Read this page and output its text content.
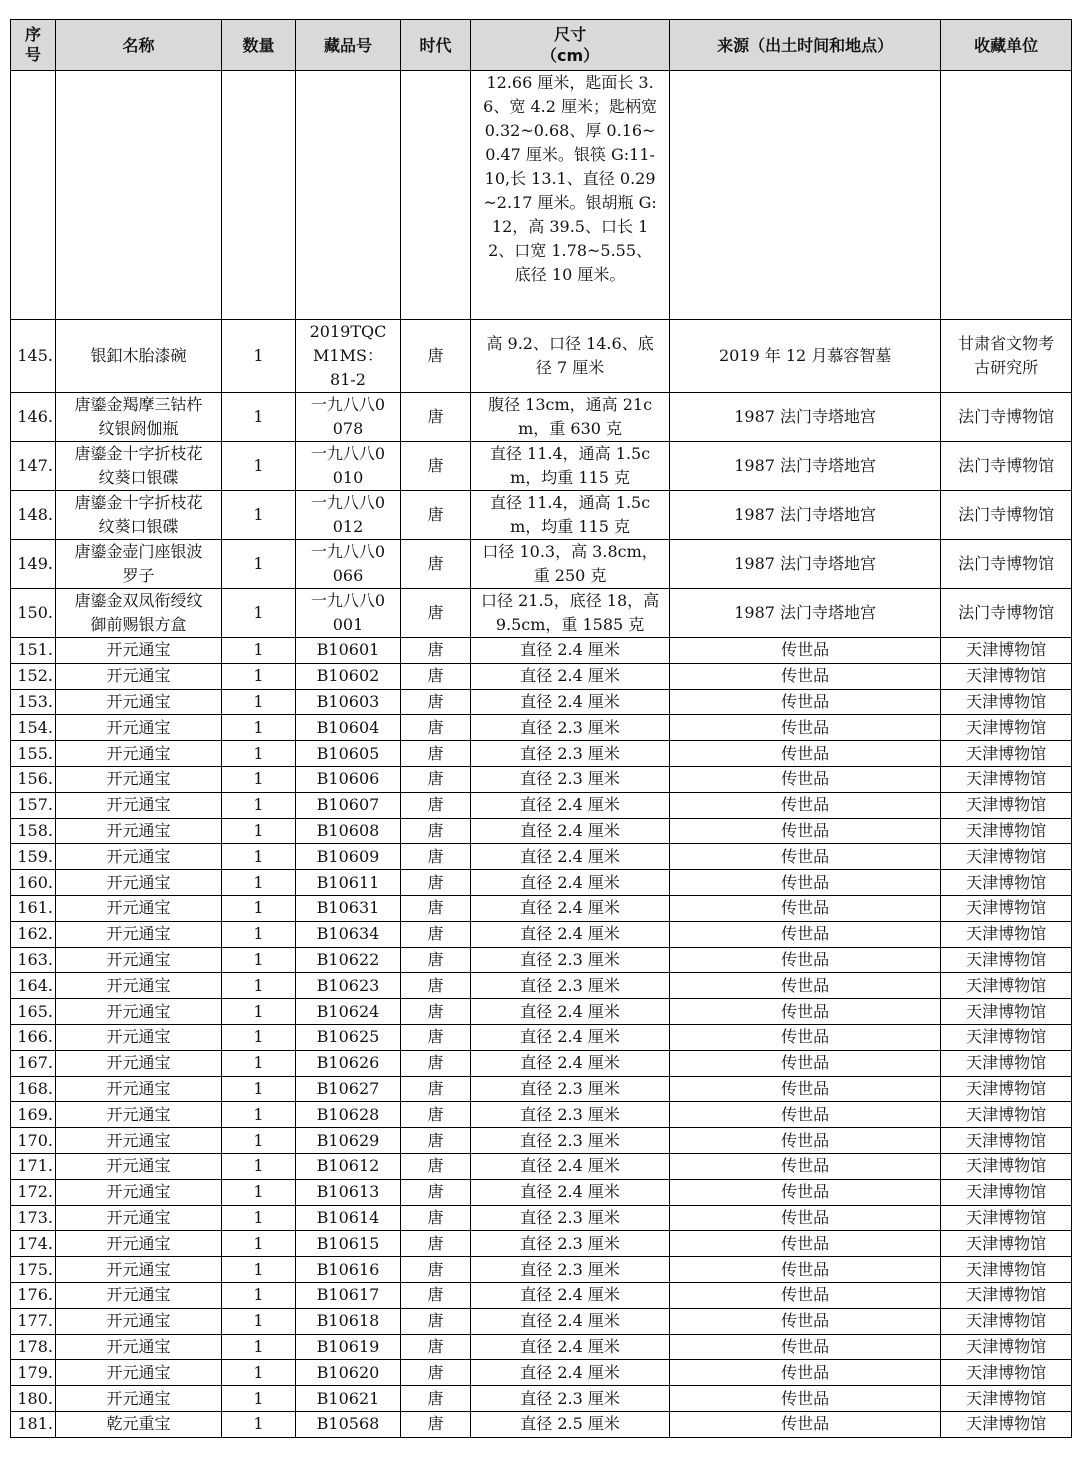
序号	名称	数量	藏品号	时代	尺寸（cm）	来源（出土时间和地点）	收藏单位
					12.66 厘米，匙面长 3.6、宽 4.2 厘米；匙柄宽 0.32~0.68、厚 0.16~0.47 厘米。银筷 G:11-10,长 13.1、直径 0.29~2.17 厘米。银胡瓶 G:12，高 39.5、口长 12、口宽 1.78~5.55、底径 10 厘米。		
145.	银釦木胎漆碗	1	2019TQCM1MS：81-2	唐	高 9.2、口径 14.6、底径 7 厘米	2019 年 12 月慕容智墓	甘肃省文物考古研究所
146.	唐鎏金羯摩三钴杵纹银阏伽瓶	1	一九八八0078	唐	腹径 13cm，通高 21cm，重 630 克	1987 法门寺塔地宫	法门寺博物馆
147.	唐鎏金十字折枝花纹葵口银碟	1	一九八八0010	唐	直径 11.4，通高 1.5cm，均重 115 克	1987 法门寺塔地宫	法门寺博物馆
148.	唐鎏金十字折枝花纹葵口银碟	1	一九八八0012	唐	直径 11.4，通高 1.5cm，均重 115 克	1987 法门寺塔地宫	法门寺博物馆
149.	唐鎏金壶门座银波罗子	1	一九八八0066	唐	口径 10.3，高 3.8cm，重 250 克	1987 法门寺塔地宫	法门寺博物馆
150.	唐鎏金双凤衔绶纹御前赐银方盒	1	一九八八0001	唐	口径 21.5，底径 18，高 9.5cm，重 1585 克	1987 法门寺塔地宫	法门寺博物馆
151.	开元通宝	1	B10601	唐	直径 2.4 厘米	传世品	天津博物馆
152.	开元通宝	1	B10602	唐	直径 2.4 厘米	传世品	天津博物馆
153.	开元通宝	1	B10603	唐	直径 2.4 厘米	传世品	天津博物馆
154.	开元通宝	1	B10604	唐	直径 2.3 厘米	传世品	天津博物馆
155.	开元通宝	1	B10605	唐	直径 2.3 厘米	传世品	天津博物馆
156.	开元通宝	1	B10606	唐	直径 2.3 厘米	传世品	天津博物馆
157.	开元通宝	1	B10607	唐	直径 2.4 厘米	传世品	天津博物馆
158.	开元通宝	1	B10608	唐	直径 2.4 厘米	传世品	天津博物馆
159.	开元通宝	1	B10609	唐	直径 2.4 厘米	传世品	天津博物馆
160.	开元通宝	1	B10611	唐	直径 2.4 厘米	传世品	天津博物馆
161.	开元通宝	1	B10631	唐	直径 2.4 厘米	传世品	天津博物馆
162.	开元通宝	1	B10634	唐	直径 2.4 厘米	传世品	天津博物馆
163.	开元通宝	1	B10622	唐	直径 2.3 厘米	传世品	天津博物馆
164.	开元通宝	1	B10623	唐	直径 2.3 厘米	传世品	天津博物馆
165.	开元通宝	1	B10624	唐	直径 2.4 厘米	传世品	天津博物馆
166.	开元通宝	1	B10625	唐	直径 2.4 厘米	传世品	天津博物馆
167.	开元通宝	1	B10626	唐	直径 2.4 厘米	传世品	天津博物馆
168.	开元通宝	1	B10627	唐	直径 2.3 厘米	传世品	天津博物馆
169.	开元通宝	1	B10628	唐	直径 2.3 厘米	传世品	天津博物馆
170.	开元通宝	1	B10629	唐	直径 2.3 厘米	传世品	天津博物馆
171.	开元通宝	1	B10612	唐	直径 2.4 厘米	传世品	天津博物馆
172.	开元通宝	1	B10613	唐	直径 2.4 厘米	传世品	天津博物馆
173.	开元通宝	1	B10614	唐	直径 2.3 厘米	传世品	天津博物馆
174.	开元通宝	1	B10615	唐	直径 2.3 厘米	传世品	天津博物馆
175.	开元通宝	1	B10616	唐	直径 2.3 厘米	传世品	天津博物馆
176.	开元通宝	1	B10617	唐	直径 2.4 厘米	传世品	天津博物馆
177.	开元通宝	1	B10618	唐	直径 2.4 厘米	传世品	天津博物馆
178.	开元通宝	1	B10619	唐	直径 2.4 厘米	传世品	天津博物馆
179.	开元通宝	1	B10620	唐	直径 2.4 厘米	传世品	天津博物馆
180.	开元通宝	1	B10621	唐	直径 2.3 厘米	传世品	天津博物馆
181.	乾元重宝	1	B10568	唐	直径 2.5 厘米	传世品	天津博物馆
